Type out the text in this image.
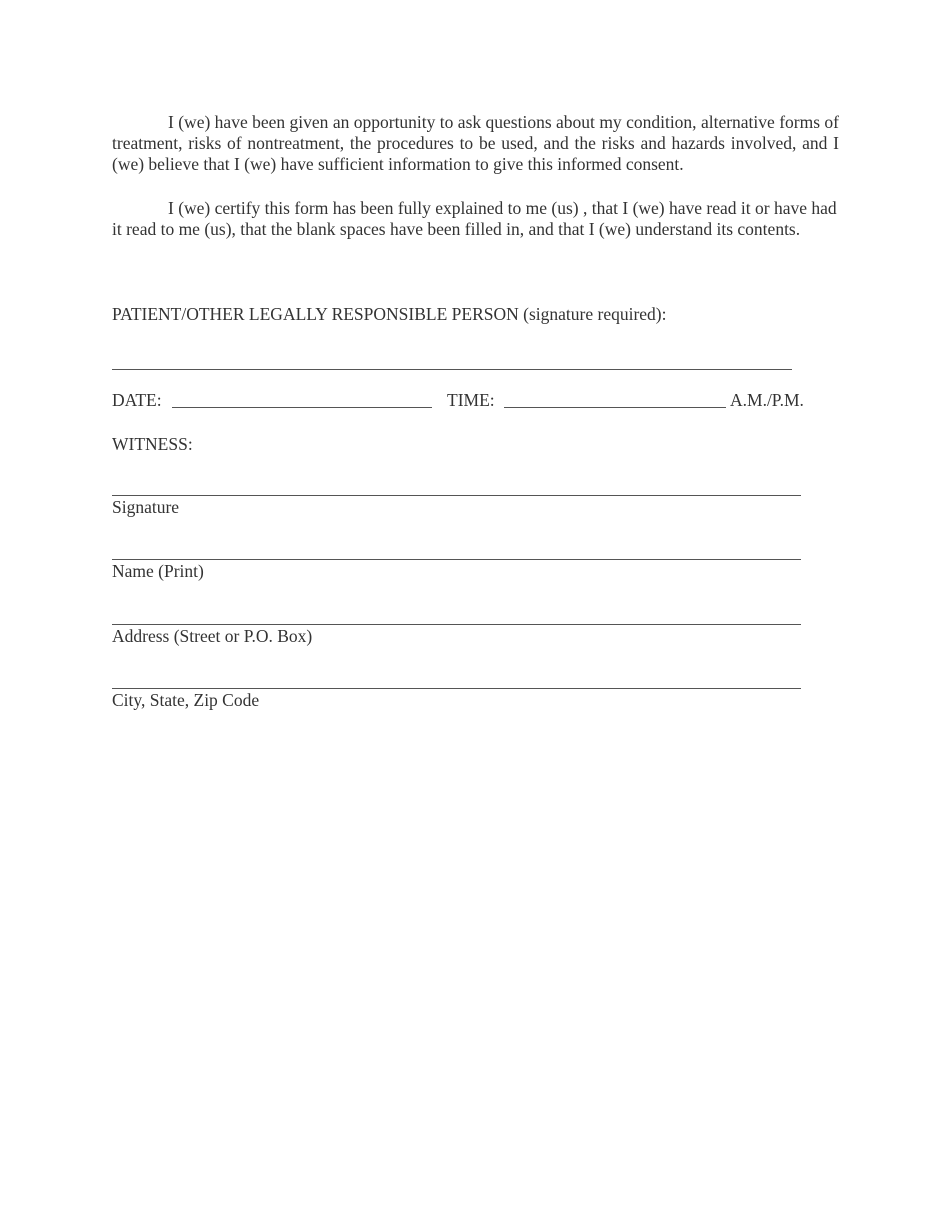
I (we) have been given an opportunity to ask questions about my condition, alternative forms of treatment, risks of nontreatment, the procedures to be used, and the risks and hazards involved, and I (we) believe that I (we) have sufficient information to give this informed consent.

I (we) certify this form has been fully explained to me (us) , that I (we) have read it or have had it read to me (us), that the blank spaces have been filled in, and that I (we) understand its contents.

PATIENT/OTHER LEGALLY RESPONSIBLE PERSON (signature required):
DATE:	TIME:	A.M./P.M.
WITNESS:
Signature
Name (Print)
Address (Street or P.O. Box)
City, State, Zip Code
